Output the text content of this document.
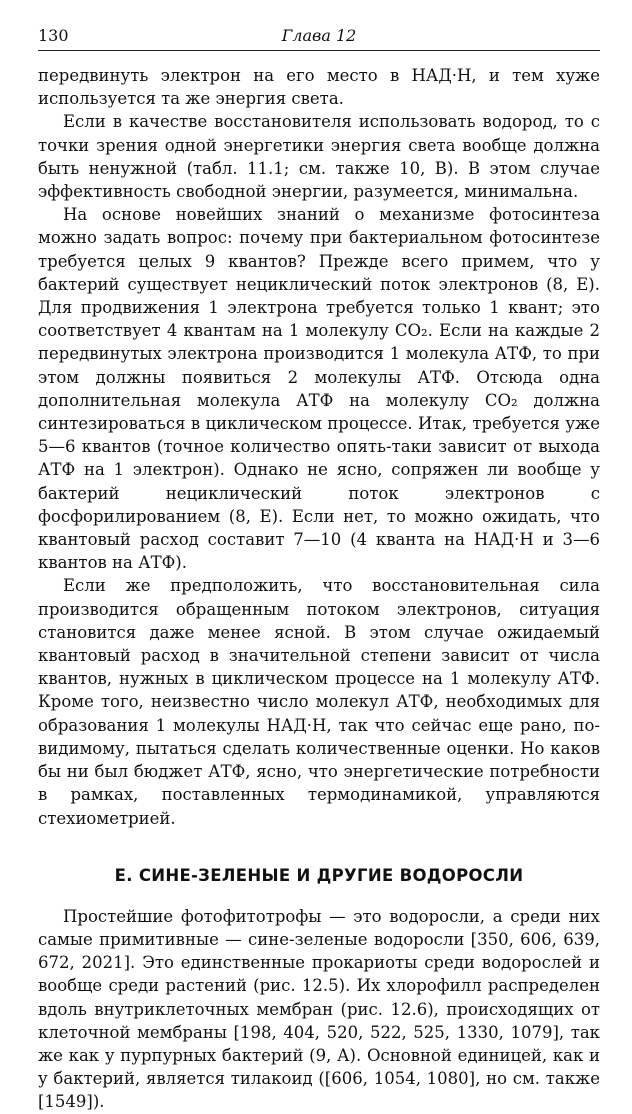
130	Глава 12

передвинуть электрон на его место в НАД·Н, и тем хуже используется та же энергия света.

Если в качестве восстановителя использовать водород, то с точки зрения одной энергетики энергия света вообще должна быть ненужной (табл. 11.1; см. также 10, В). В этом случае эффективность свободной энергии, разумеется, минимальна.

На основе новейших знаний о механизме фотосинтеза можно задать вопрос: почему при бактериальном фотосинтезе требуется целых 9 квантов? Прежде всего примем, что у бактерий существует нециклический поток электронов (8, Е). Для продвижения 1 электрона требуется только 1 квант; это соответствует 4 квантам на 1 молекулу CO₂. Если на каждые 2 передвинутых электрона производится 1 молекула АТФ, то при этом должны появиться 2 молекулы АТФ. Отсюда одна дополнительная молекула АТФ на молекулу CO₂ должна синтезироваться в циклическом процессе. Итак, требуется уже 5—6 квантов (точное количество опять-таки зависит от выхода АТФ на 1 электрон). Однако не ясно, сопряжен ли вообще у бактерий нециклический поток электронов с фосфорилированием (8, Е). Если нет, то можно ожидать, что квантовый расход составит 7—10 (4 кванта на НАД·Н и 3—6 квантов на АТФ).

Если же предположить, что восстановительная сила производится обращенным потоком электронов, ситуация становится даже менее ясной. В этом случае ожидаемый квантовый расход в значительной степени зависит от числа квантов, нужных в циклическом процессе на 1 молекулу АТФ. Кроме того, неизвестно число молекул АТФ, необходимых для образования 1 молекулы НАД·Н, так что сейчас еще рано, по-видимому, пытаться сделать количественные оценки. Но каков бы ни был бюджет АТФ, ясно, что энергетические потребности в рамках, поставленных термодинамикой, управляются стехиометрией.

Е. СИНЕ-ЗЕЛЕНЫЕ И ДРУГИЕ ВОДОРОСЛИ

Простейшие фотофитотрофы — это водоросли, а среди них самые примитивные — сине-зеленые водоросли [350, 606, 639, 672, 2021]. Это единственные прокариоты среди водорослей и вообще среди растений (рис. 12.5). Их хлорофилл распределен вдоль внутриклеточных мембран (рис. 12.6), происходящих от клеточной мембраны [198, 404, 520, 522, 525, 1330, 1079], так же как у пурпурных бактерий (9, А). Основной единицей, как и у бактерий, является тилакоид ([606, 1054, 1080], но см. также [1549]).
